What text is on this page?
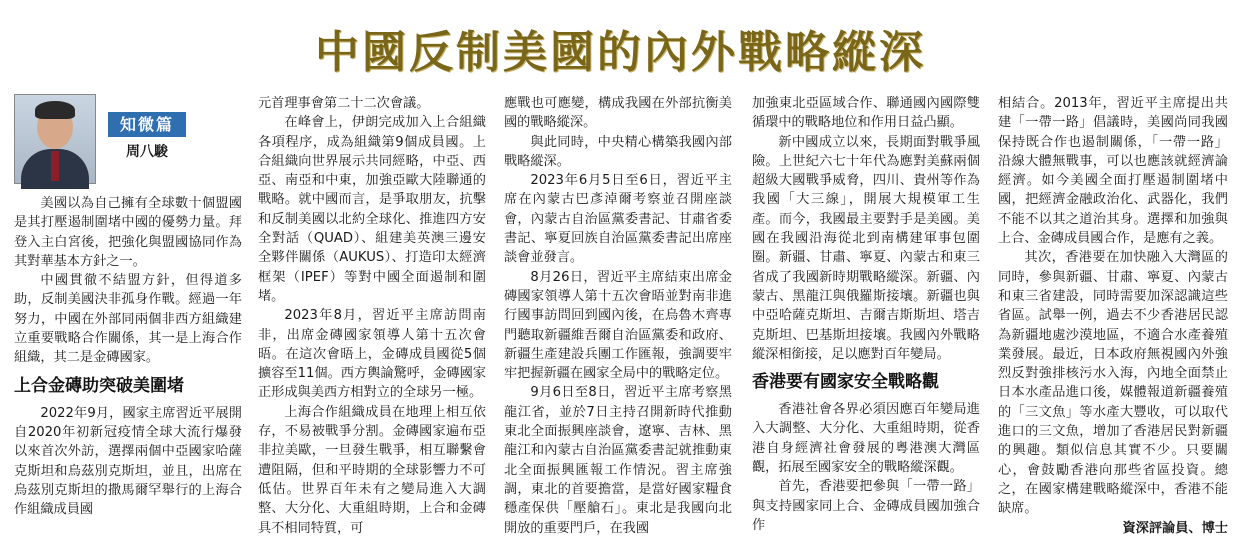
中國反制美國的內外戰略縱深
知微篇
周八駿

美國以為自己擁有全球數十個盟國是其打壓遏制圍堵中國的優勢力量。拜登入主白宮後，把強化與盟國協同作為其對華基本方針之一。

中國貫徹不結盟方針，但得道多助，反制美國決非孤身作戰。經過一年努力，中國在外部同兩個非西方組織建立重要戰略合作關係，其一是上海合作組織，其二是金磚國家。

上合金磚助突破美圍堵

2022年9月，國家主席習近平展開自2020年初新冠疫情全球大流行爆發以來首次外訪，選擇兩個中亞國家哈薩克斯坦和烏茲別克斯坦，並且，出席在烏茲別克斯坦的撒馬爾罕舉行的上海合作組織成員國

元首理事會第二十二次會議。

在峰會上，伊朗完成加入上合組織各項程序，成為組織第9個成員國。上合組織向世界展示共同經略，中亞、西亞、南亞和中東，加強亞歐大陸聯通的戰略。就中國而言，是爭取朋友，抗擊和反制美國以北約全球化、推進四方安全對話（QUAD）、組建美英澳三邊安全夥伴關係（AUKUS）、打造印太經濟框架（IPEF）等對中國全面遏制和圍堵。

2023年8月，習近平主席訪問南非，出席金磚國家領導人第十五次會晤。在這次會晤上，金磚成員國從5個擴容至11個。西方輿論驚呼，金磚國家正形成與美西方相對立的全球另一極。

上海合作組織成員在地理上相互依存，不易被戰爭分割。金磚國家遍布亞非拉美歐，一旦發生戰爭，相互聯繫會遭阻隔，但和平時期的全球影響力不可低估。世界百年未有之變局進入大調整、大分化、大重組時期，上合和金磚具不相同特質，可

應戰也可應變，構成我國在外部抗衡美國的戰略縱深。

與此同時，中央精心構築我國內部戰略縱深。

2023年6月5日至6日，習近平主席在內蒙古巴彥淖爾考察並召開座談會，內蒙古自治區黨委書記、甘肅省委書記、寧夏回族自治區黨委書記出席座談會並發言。

8月26日，習近平主席結束出席金磚國家領導人第十五次會晤並對南非進行國事訪問回到國內後，在烏魯木齊專門聽取新疆維吾爾自治區黨委和政府、新疆生產建設兵團工作匯報，強調要牢牢把握新疆在國家全局中的戰略定位。

9月6日至8日，習近平主席考察黑龍江省，並於7日主持召開新時代推動東北全面振興座談會，遼寧、吉林、黑龍江和內蒙古自治區黨委書記就推動東北全面振興匯報工作情況。習主席強調，東北的首要擔當，是當好國家糧食穩產保供「壓艙石」。東北是我國向北開放的重要門戶，在我國

加強東北亞區域合作、聯通國內國際雙循環中的戰略地位和作用日益凸顯。

新中國成立以來，長期面對戰爭風險。上世紀六七十年代為應對美蘇兩個超級大國戰爭威脅，四川、貴州等作為我國「大三線」，開展大規模軍工生產。而今，我國最主要對手是美國。美國在我國沿海從北到南構建軍事包圍圈。新疆、甘肅、寧夏、內蒙古和東三省成了我國新時期戰略縱深。新疆、內蒙古、黑龍江與俄羅斯接壤。新疆也與中亞哈薩克斯坦、吉爾吉斯斯坦、塔吉克斯坦、巴基斯坦接壤。我國內外戰略縱深相銜接，足以應對百年變局。

香港要有國家安全戰略觀

香港社會各界必須因應百年變局進入大調整、大分化、大重組時期，從香港自身經濟社會發展的粵港澳大灣區觀，拓展至國家安全的戰略縱深觀。

首先，香港要把參與「一帶一路」與支持國家同上合、金磚成員國加強合作

相結合。2013年，習近平主席提出共建「一帶一路」倡議時，美國尚同我國保持既合作也遏制關係，「一帶一路」沿線大體無戰事，可以也應該就經濟論經濟。如今美國全面打壓遏制圍堵中國，把經濟金融政治化、武器化，我們不能不以其之道治其身。選擇和加強與上合、金磚成員國合作，是應有之義。

其次，香港要在加快融入大灣區的同時，參與新疆、甘肅、寧夏、內蒙古和東三省建設，同時需要加深認識這些省區。試舉一例，過去不少香港居民認為新疆地處沙漠地區，不適合水產養殖業發展。最近，日本政府無視國內外強烈反對強排核污水入海，內地全面禁止日本水產品進口後，媒體報道新疆養殖的「三文魚」等水產大豐收，可以取代進口的三文魚，增加了香港居民對新疆的興趣。類似信息其實不少。只要關心，會鼓勵香港向那些省區投資。總之，在國家構建戰略縱深中，香港不能缺席。

資深評論員、博士
